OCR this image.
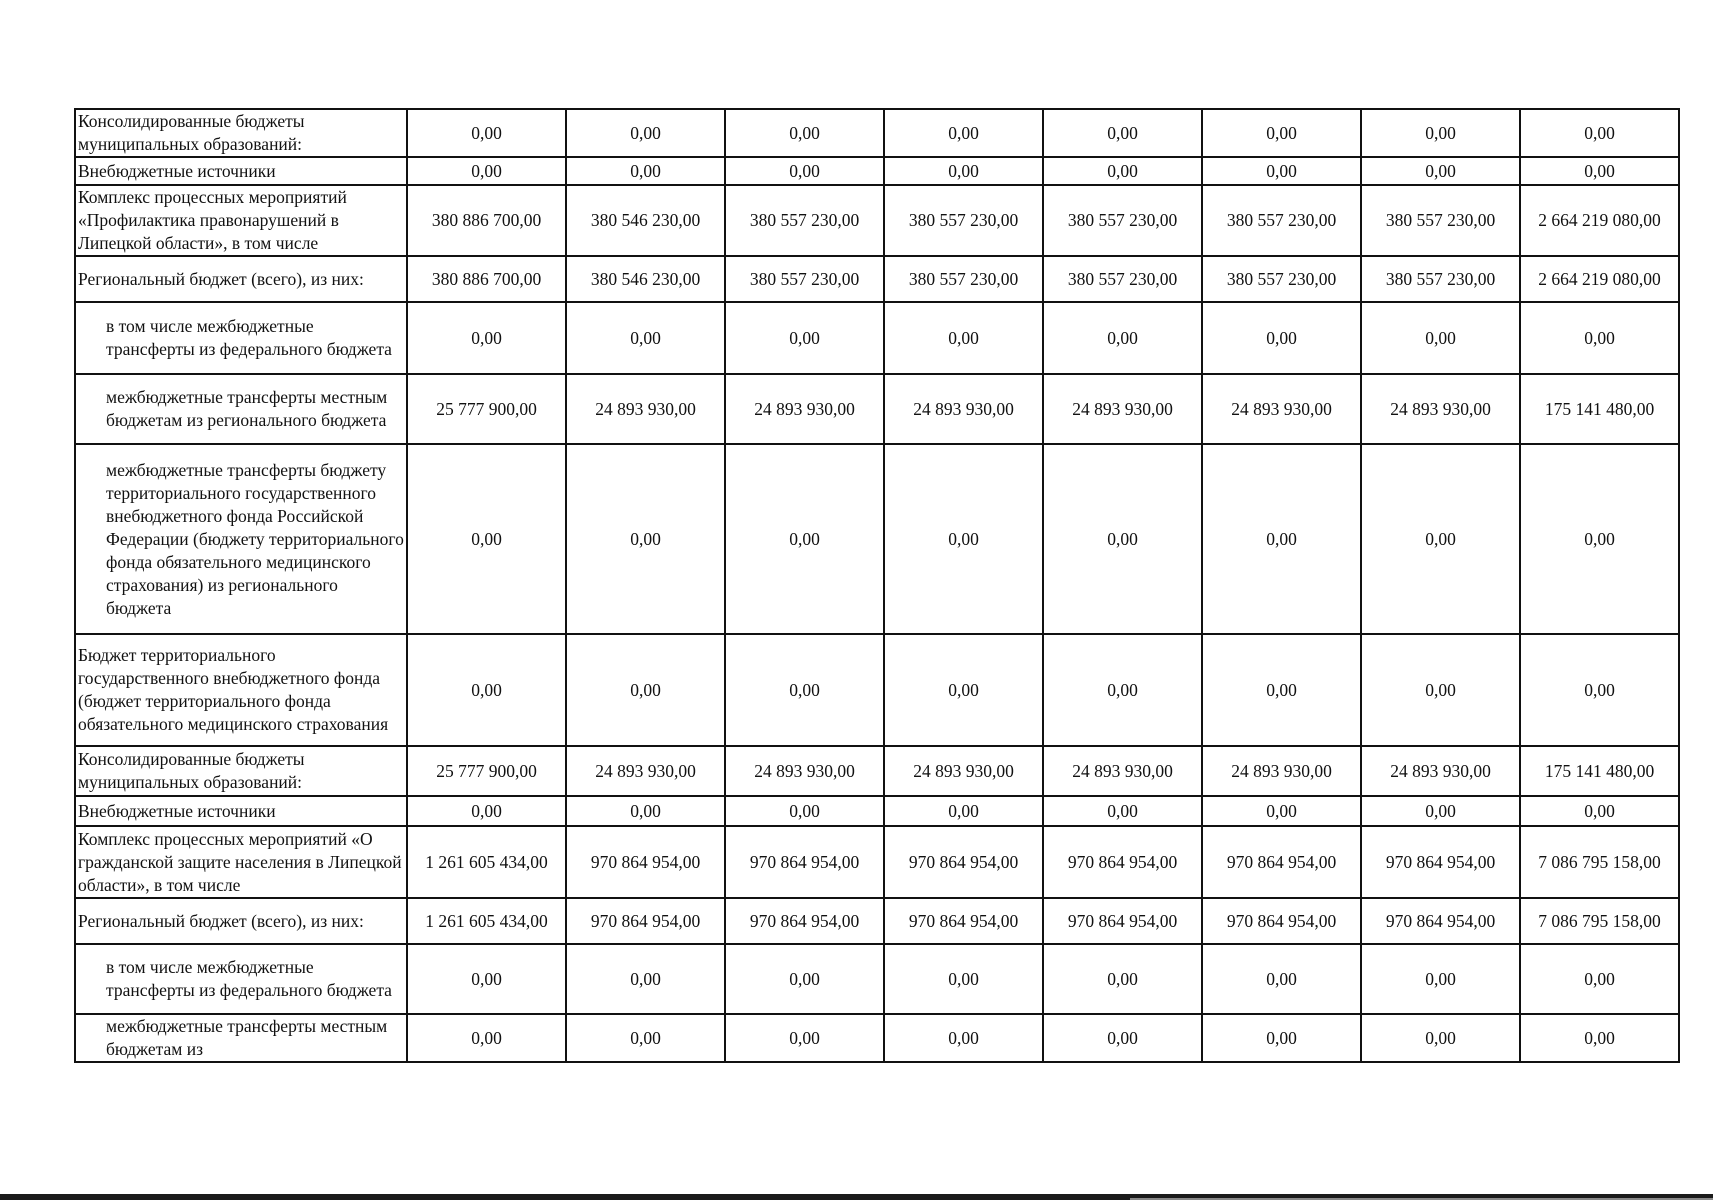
Консолидированные бюджеты муниципальных образований:	0,00	0,00	0,00	0,00	0,00	0,00	0,00	0,00
Внебюджетные источники	0,00	0,00	0,00	0,00	0,00	0,00	0,00	0,00
Комплекс процессных мероприятий «Профилактика правонарушений в Липецкой области», в том числе	380 886 700,00	380 546 230,00	380 557 230,00	380 557 230,00	380 557 230,00	380 557 230,00	380 557 230,00	2 664 219 080,00
Региональный бюджет (всего), из них:	380 886 700,00	380 546 230,00	380 557 230,00	380 557 230,00	380 557 230,00	380 557 230,00	380 557 230,00	2 664 219 080,00
в том числе межбюджетные трансферты из федерального бюджета	0,00	0,00	0,00	0,00	0,00	0,00	0,00	0,00
межбюджетные трансферты местным бюджетам из регионального бюджета	25 777 900,00	24 893 930,00	24 893 930,00	24 893 930,00	24 893 930,00	24 893 930,00	24 893 930,00	175 141 480,00
межбюджетные трансферты бюджету территориального государственного внебюджетного фонда Российской Федерации (бюджету территориального фонда обязательного медицинского страхования) из регионального бюджета	0,00	0,00	0,00	0,00	0,00	0,00	0,00	0,00
Бюджет территориального государственного внебюджетного фонда (бюджет территориального фонда обязательного медицинского страхования	0,00	0,00	0,00	0,00	0,00	0,00	0,00	0,00
Консолидированные бюджеты муниципальных образований:	25 777 900,00	24 893 930,00	24 893 930,00	24 893 930,00	24 893 930,00	24 893 930,00	24 893 930,00	175 141 480,00
Внебюджетные источники	0,00	0,00	0,00	0,00	0,00	0,00	0,00	0,00
Комплекс процессных мероприятий «О гражданской защите населения в Липецкой области», в том числе	1 261 605 434,00	970 864 954,00	970 864 954,00	970 864 954,00	970 864 954,00	970 864 954,00	970 864 954,00	7 086 795 158,00
Региональный бюджет (всего), из них:	1 261 605 434,00	970 864 954,00	970 864 954,00	970 864 954,00	970 864 954,00	970 864 954,00	970 864 954,00	7 086 795 158,00
в том числе межбюджетные трансферты из федерального бюджета	0,00	0,00	0,00	0,00	0,00	0,00	0,00	0,00
межбюджетные трансферты местным бюджетам из	0,00	0,00	0,00	0,00	0,00	0,00	0,00	0,00
